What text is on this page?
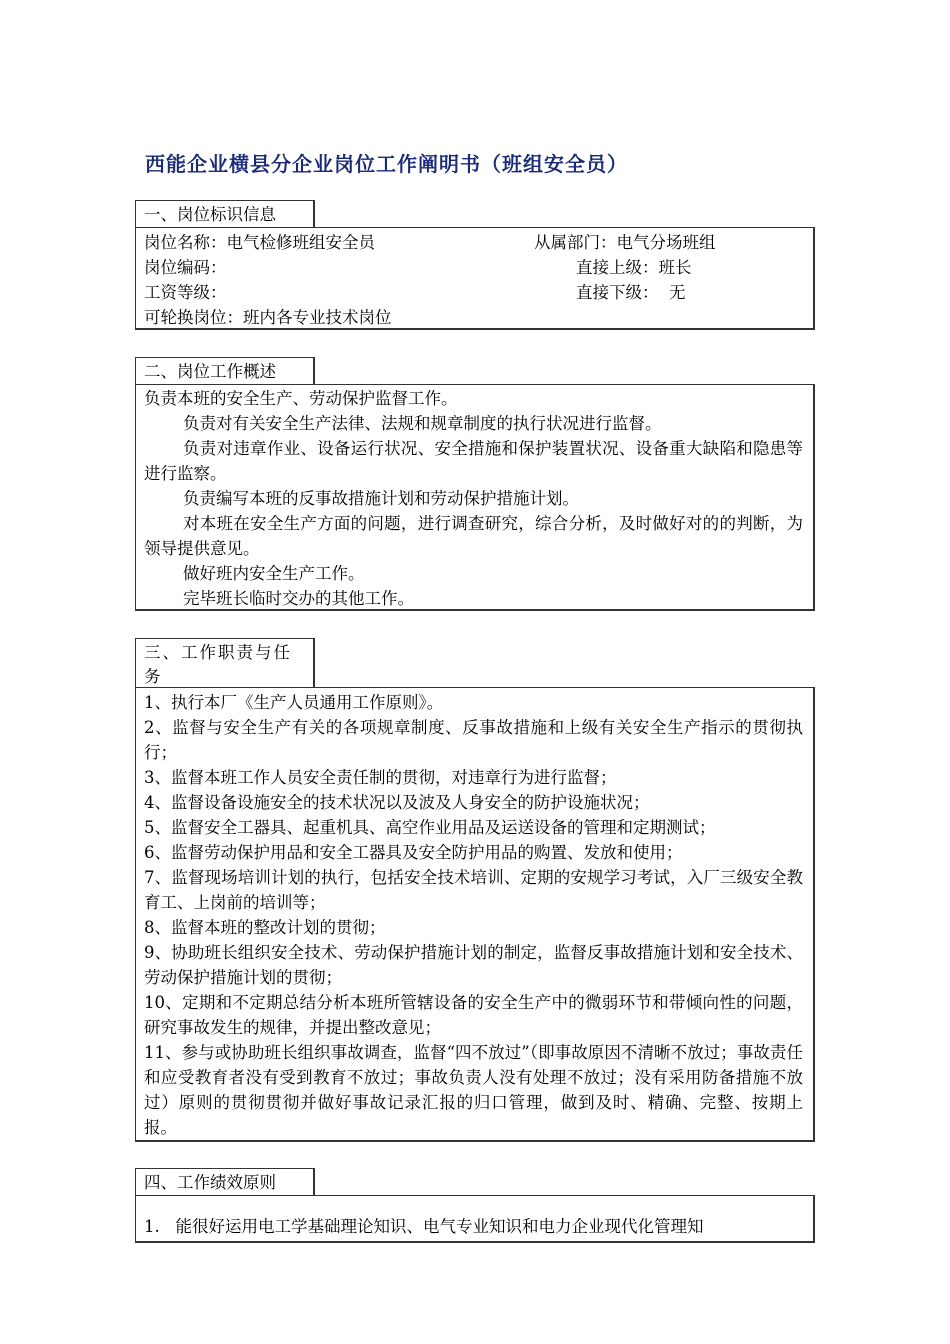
西能企业横县分企业岗位工作阐明书（班组安全员）
一、岗位标识信息
岗位名称：电气检修班组安全员	从属部门：电气分场班组
岗位编码：	直接上级：班长
工资等级：	直接下级：  无
可轮换岗位：班内各专业技术岗位
二、岗位工作概述

负责本班的安全生产、劳动保护监督工作。

负责对有关安全生产法律、法规和规章制度的执行状况进行监督。

负责对违章作业、设备运行状况、安全措施和保护装置状况、设备重大缺陷和隐患等进行监察。

负责编写本班的反事故措施计划和劳动保护措施计划。

对本班在安全生产方面的问题，进行调查研究，综合分析，及时做好对的的判断，为领导提供意见。

做好班内安全生产工作。

完毕班长临时交办的其他工作。

三、工作职责与任务

1、执行本厂《生产人员通用工作原则》。

2、监督与安全生产有关的各项规章制度、反事故措施和上级有关安全生产指示的贯彻执行；

3、监督本班工作人员安全责任制的贯彻，对违章行为进行监督；

4、监督设备设施安全的技术状况以及波及人身安全的防护设施状况；

5、监督安全工器具、起重机具、高空作业用品及运送设备的管理和定期测试；

6、监督劳动保护用品和安全工器具及安全防护用品的购置、发放和使用；

7、监督现场培训计划的执行，包括安全技术培训、定期的安规学习考试，入厂三级安全教育工、上岗前的培训等；

8、监督本班的整改计划的贯彻；

9、协助班长组织安全技术、劳动保护措施计划的制定，监督反事故措施计划和安全技术、劳动保护措施计划的贯彻；

10、定期和不定期总结分析本班所管辖设备的安全生产中的微弱环节和带倾向性的问题，研究事故发生的规律，并提出整改意见；

11、参与或协助班长组织事故调查，监督“四不放过”（即事故原因不清晰不放过；事故责任和应受教育者没有受到教育不放过；事故负责人没有处理不放过；没有采用防备措施不放过）原则的贯彻贯彻并做好事故记录汇报的归口管理，做到及时、精确、完整、按期上报。

四、工作绩效原则

1.   能很好运用电工学基础理论知识、电气专业知识和电力企业现代化管理知
